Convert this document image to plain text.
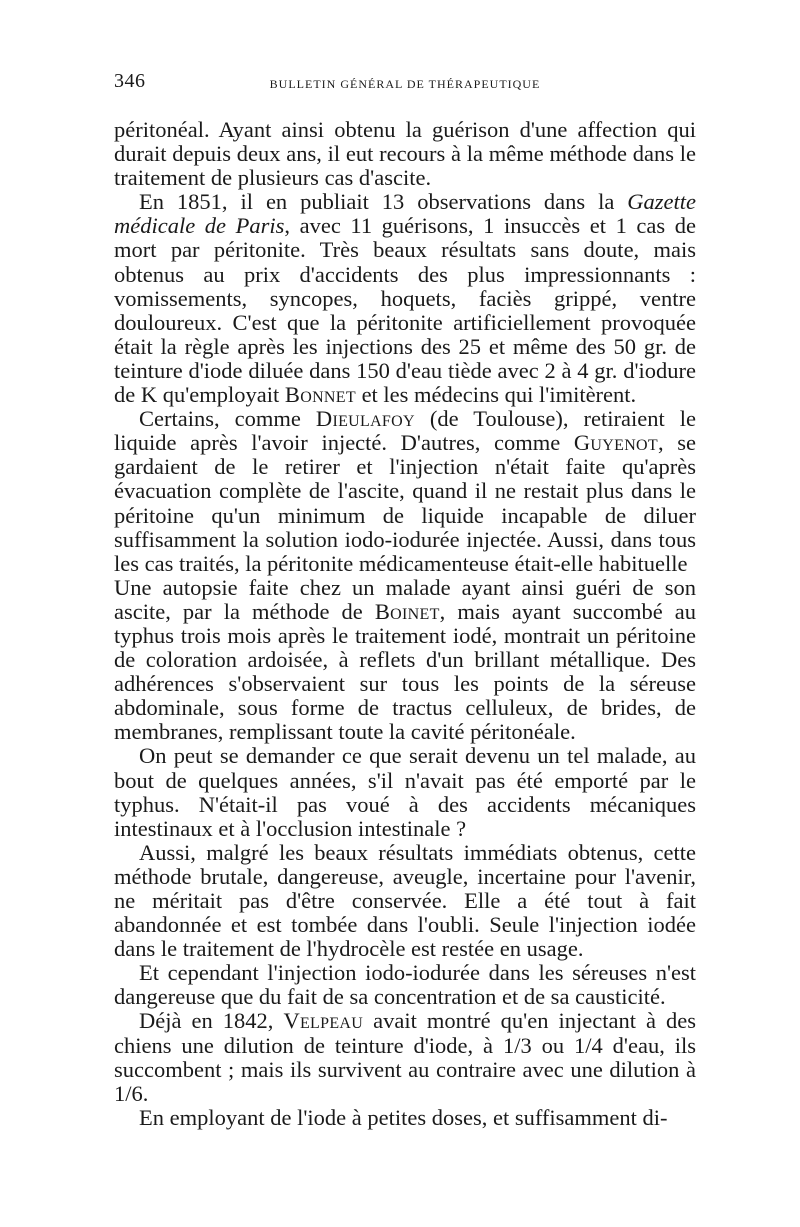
346	BULLETIN GÉNÉRAL DE THÉRAPEUTIQUE

péritonéal. Ayant ainsi obtenu la guérison d'une affection qui durait depuis deux ans, il eut recours à la même méthode dans le traitement de plusieurs cas d'ascite.

En 1851, il en publiait 13 observations dans la Gazette médicale de Paris, avec 11 guérisons, 1 insuccès et 1 cas de mort par péritonite. Très beaux résultats sans doute, mais obtenus au prix d'accidents des plus impressionnants : vomissements, syncopes, hoquets, faciès grippé, ventre douloureux. C'est que la péritonite artificiellement provoquée était la règle après les injections des 25 et même des 50 gr. de teinture d'iode diluée dans 150 d'eau tiède avec 2 à 4 gr. d'iodure de K qu'employait Bonnet et les médecins qui l'imitèrent.

Certains, comme Dieulafoy (de Toulouse), retiraient le liquide après l'avoir injecté. D'autres, comme Guyenot, se gardaient de le retirer et l'injection n'était faite qu'après évacuation complète de l'ascite, quand il ne restait plus dans le péritoine qu'un minimum de liquide incapable de diluer suffisamment la solution iodo-iodurée injectée. Aussi, dans tous les cas traités, la péritonite médicamenteuse était-elle habituelle

Une autopsie faite chez un malade ayant ainsi guéri de son ascite, par la méthode de Boinet, mais ayant succombé au typhus trois mois après le traitement iodé, montrait un péritoine de coloration ardoisée, à reflets d'un brillant métallique. Des adhérences s'observaient sur tous les points de la séreuse abdominale, sous forme de tractus celluleux, de brides, de membranes, remplissant toute la cavité péritonéale.

On peut se demander ce que serait devenu un tel malade, au bout de quelques années, s'il n'avait pas été emporté par le typhus. N'était-il pas voué à des accidents mécaniques intestinaux et à l'occlusion intestinale ?

Aussi, malgré les beaux résultats immédiats obtenus, cette méthode brutale, dangereuse, aveugle, incertaine pour l'avenir, ne méritait pas d'être conservée. Elle a été tout à fait abandonnée et est tombée dans l'oubli. Seule l'injection iodée dans le traitement de l'hydrocèle est restée en usage.

Et cependant l'injection iodo-iodurée dans les séreuses n'est dangereuse que du fait de sa concentration et de sa causticité.

Déjà en 1842, Velpeau avait montré qu'en injectant à des chiens une dilution de teinture d'iode, à 1/3 ou 1/4 d'eau, ils succombent ; mais ils survivent au contraire avec une dilution à 1/6.

En employant de l'iode à petites doses, et suffisamment di-
